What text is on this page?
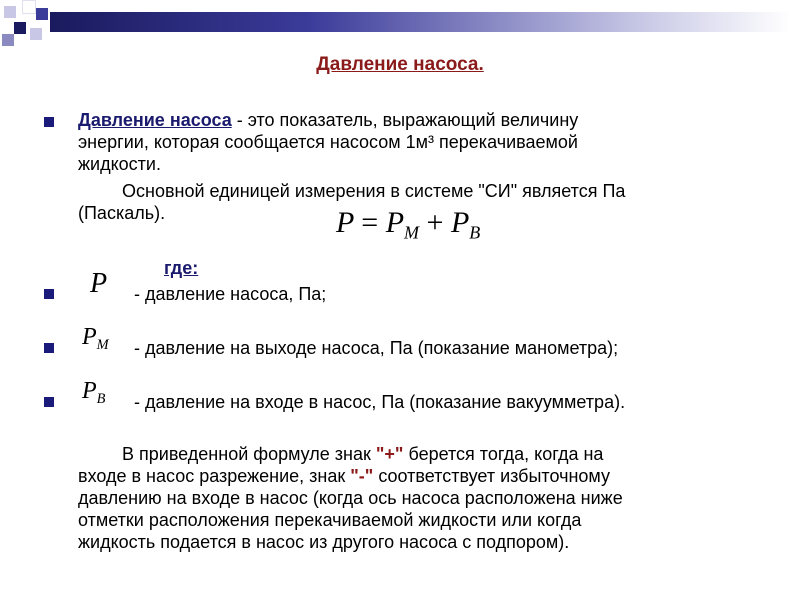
Давление насоса.
Давление насоса - это показатель, выражающий величину
энергии, которая сообщается насосом 1м³ перекачиваемой
жидкости.
Основной единицей измерения в системе "СИ" является Па
(Паскаль).	$P = P_M + P_B$
где:
P - давление насоса, Па;
$P_M$ - давление на выходе насоса, Па (показание манометра);
$P_B$ - давление на входе в насос, Па (показание вакуумметра).
В приведенной формуле знак "+" берется тогда, когда на
входе в насос разрежение, знак "-" соответствует избыточному
давлению на входе в насос (когда ось насоса расположена ниже
отметки расположения перекачиваемой жидкости или когда
жидкость подается в насос из другого насоса с подпором).
